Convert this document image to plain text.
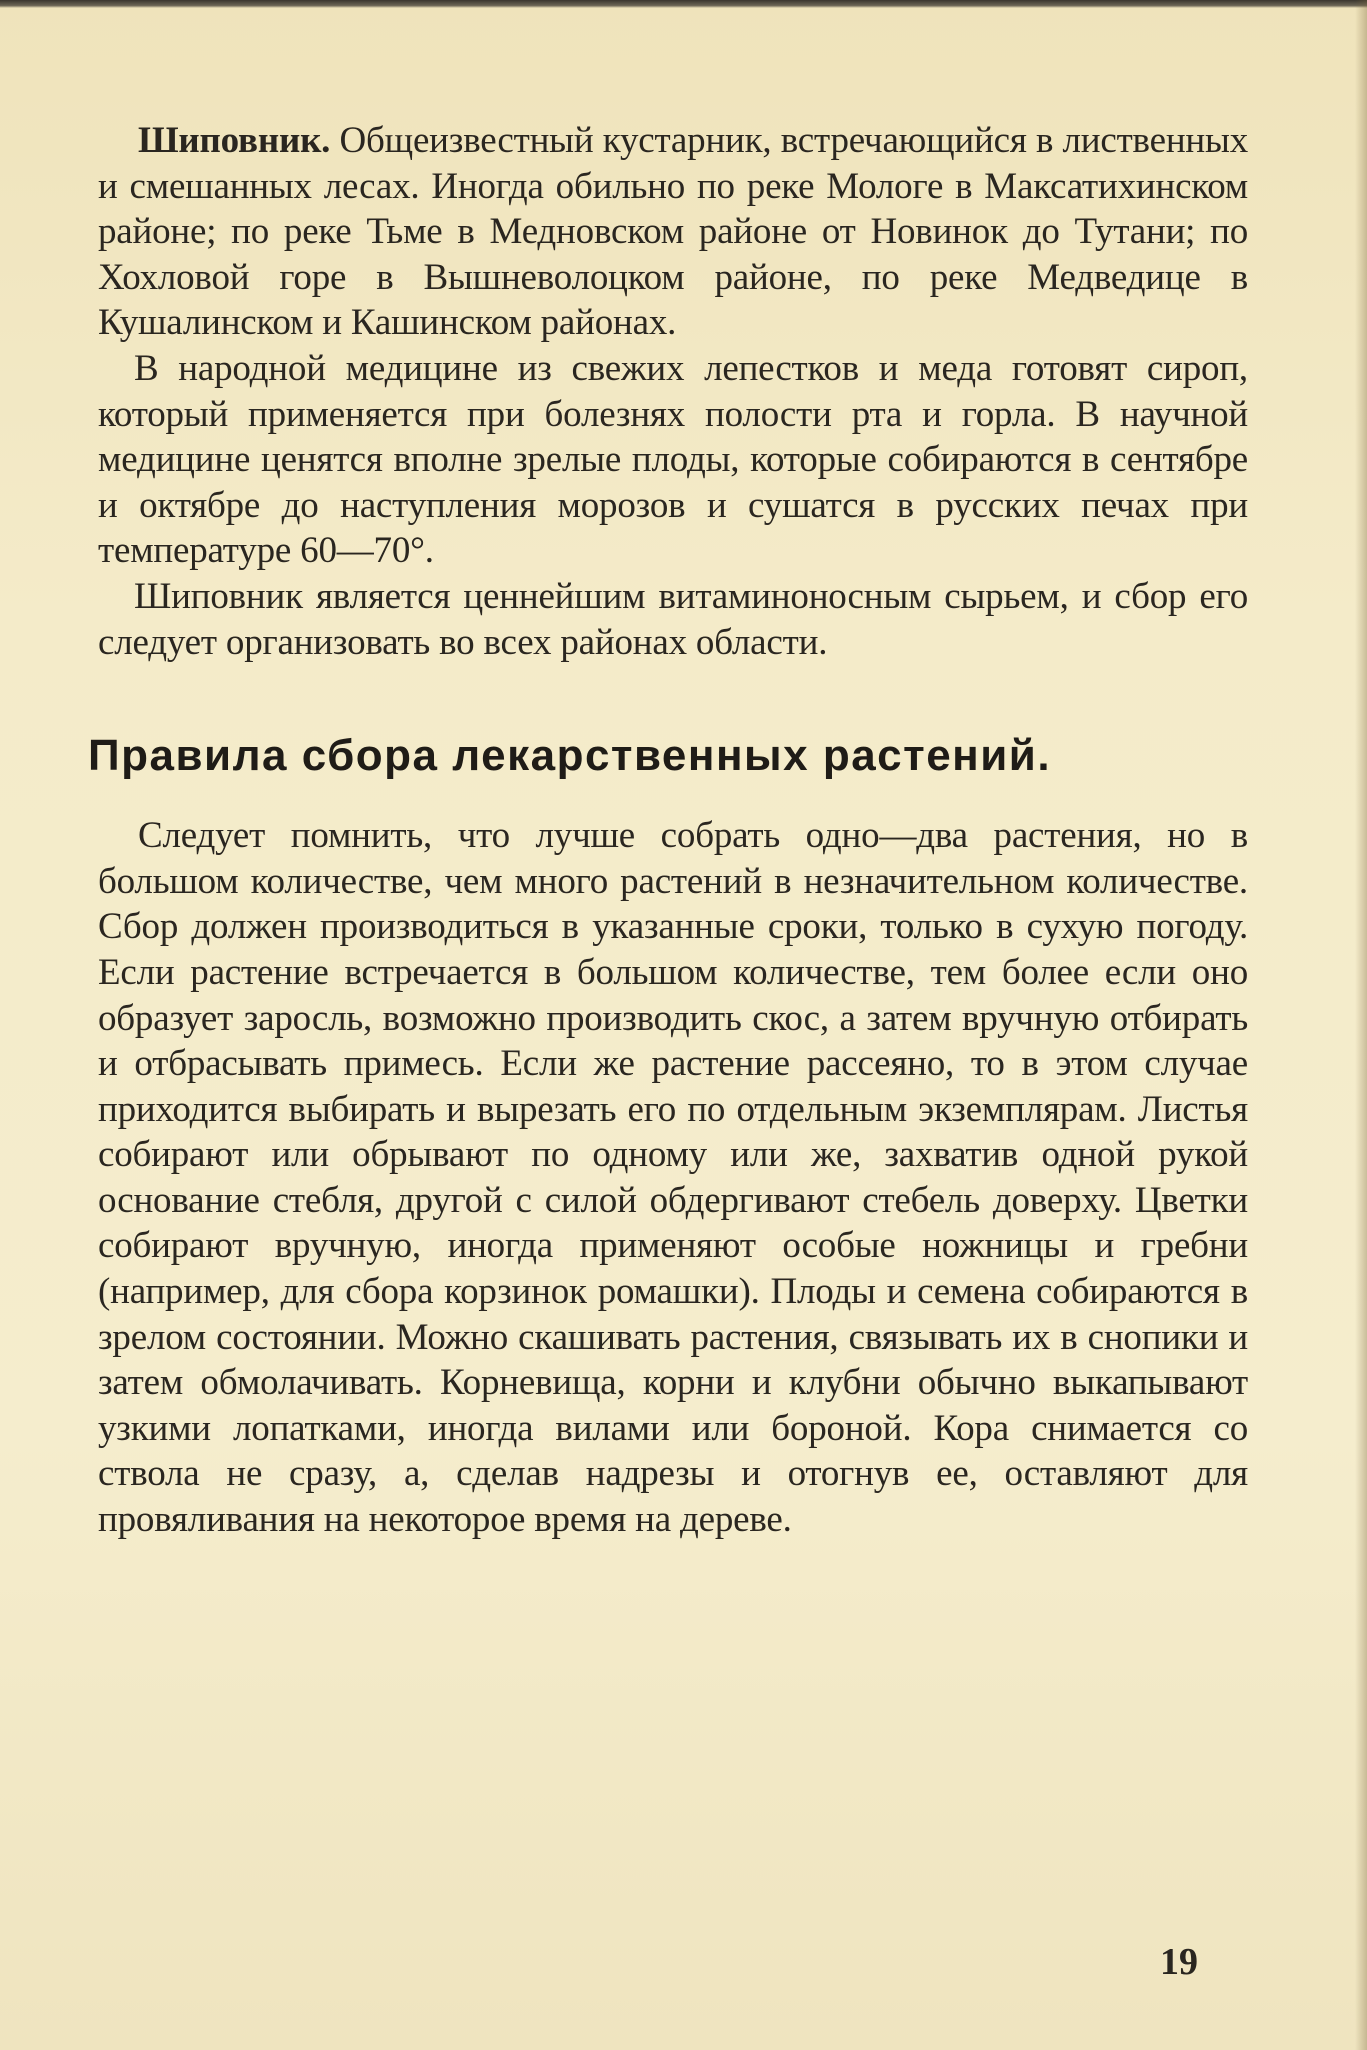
Шиповник. Общеизвестный кустарник, встречающийся в лиственных и смешанных лесах. Иногда обильно по реке Мологе в Максатихинском районе; по реке Тьме в Медновском районе от Новинок до Тутани; по Хохловой горе в Вышневолоцком районе, по реке Медведице в Кушалинском и Кашинском районах.

В народной медицине из свежих лепестков и меда готовят сироп, который применяется при болезнях полости рта и горла. В научной медицине ценятся вполне зрелые плоды, которые собираются в сентябре и октябре до наступления морозов и сушатся в русских печах при температуре 60—70°.

Шиповник является ценнейшим витаминоносным сырьем, и сбор его следует организовать во всех районах области.

Правила сбора лекарственных растений.

Следует помнить, что лучше собрать одно—два растения, но в большом количестве, чем много растений в незначительном количестве. Сбор должен производиться в указанные сроки, только в сухую погоду. Если растение встречается в большом количестве, тем более если оно образует заросль, возможно производить скос, а затем вручную отбирать и отбрасывать примесь. Если же растение рассеяно, то в этом случае приходится выбирать и вырезать его по отдельным экземплярам. Листья собирают или обрывают по одному или же, захватив одной рукой основание стебля, другой с силой обдергивают стебель доверху. Цветки собирают вручную, иногда применяют особые ножницы и гребни (например, для сбора корзинок ромашки). Плоды и семена собираются в зрелом состоянии. Можно скашивать растения, связывать их в снопики и затем обмолачивать. Корневища, корни и клубни обычно выкапывают узкими лопатками, иногда вилами или бороной. Кора снимается со ствола не сразу, а, сделав надрезы и отогнув ее, оставляют для провяливания на некоторое время на дереве.

19
